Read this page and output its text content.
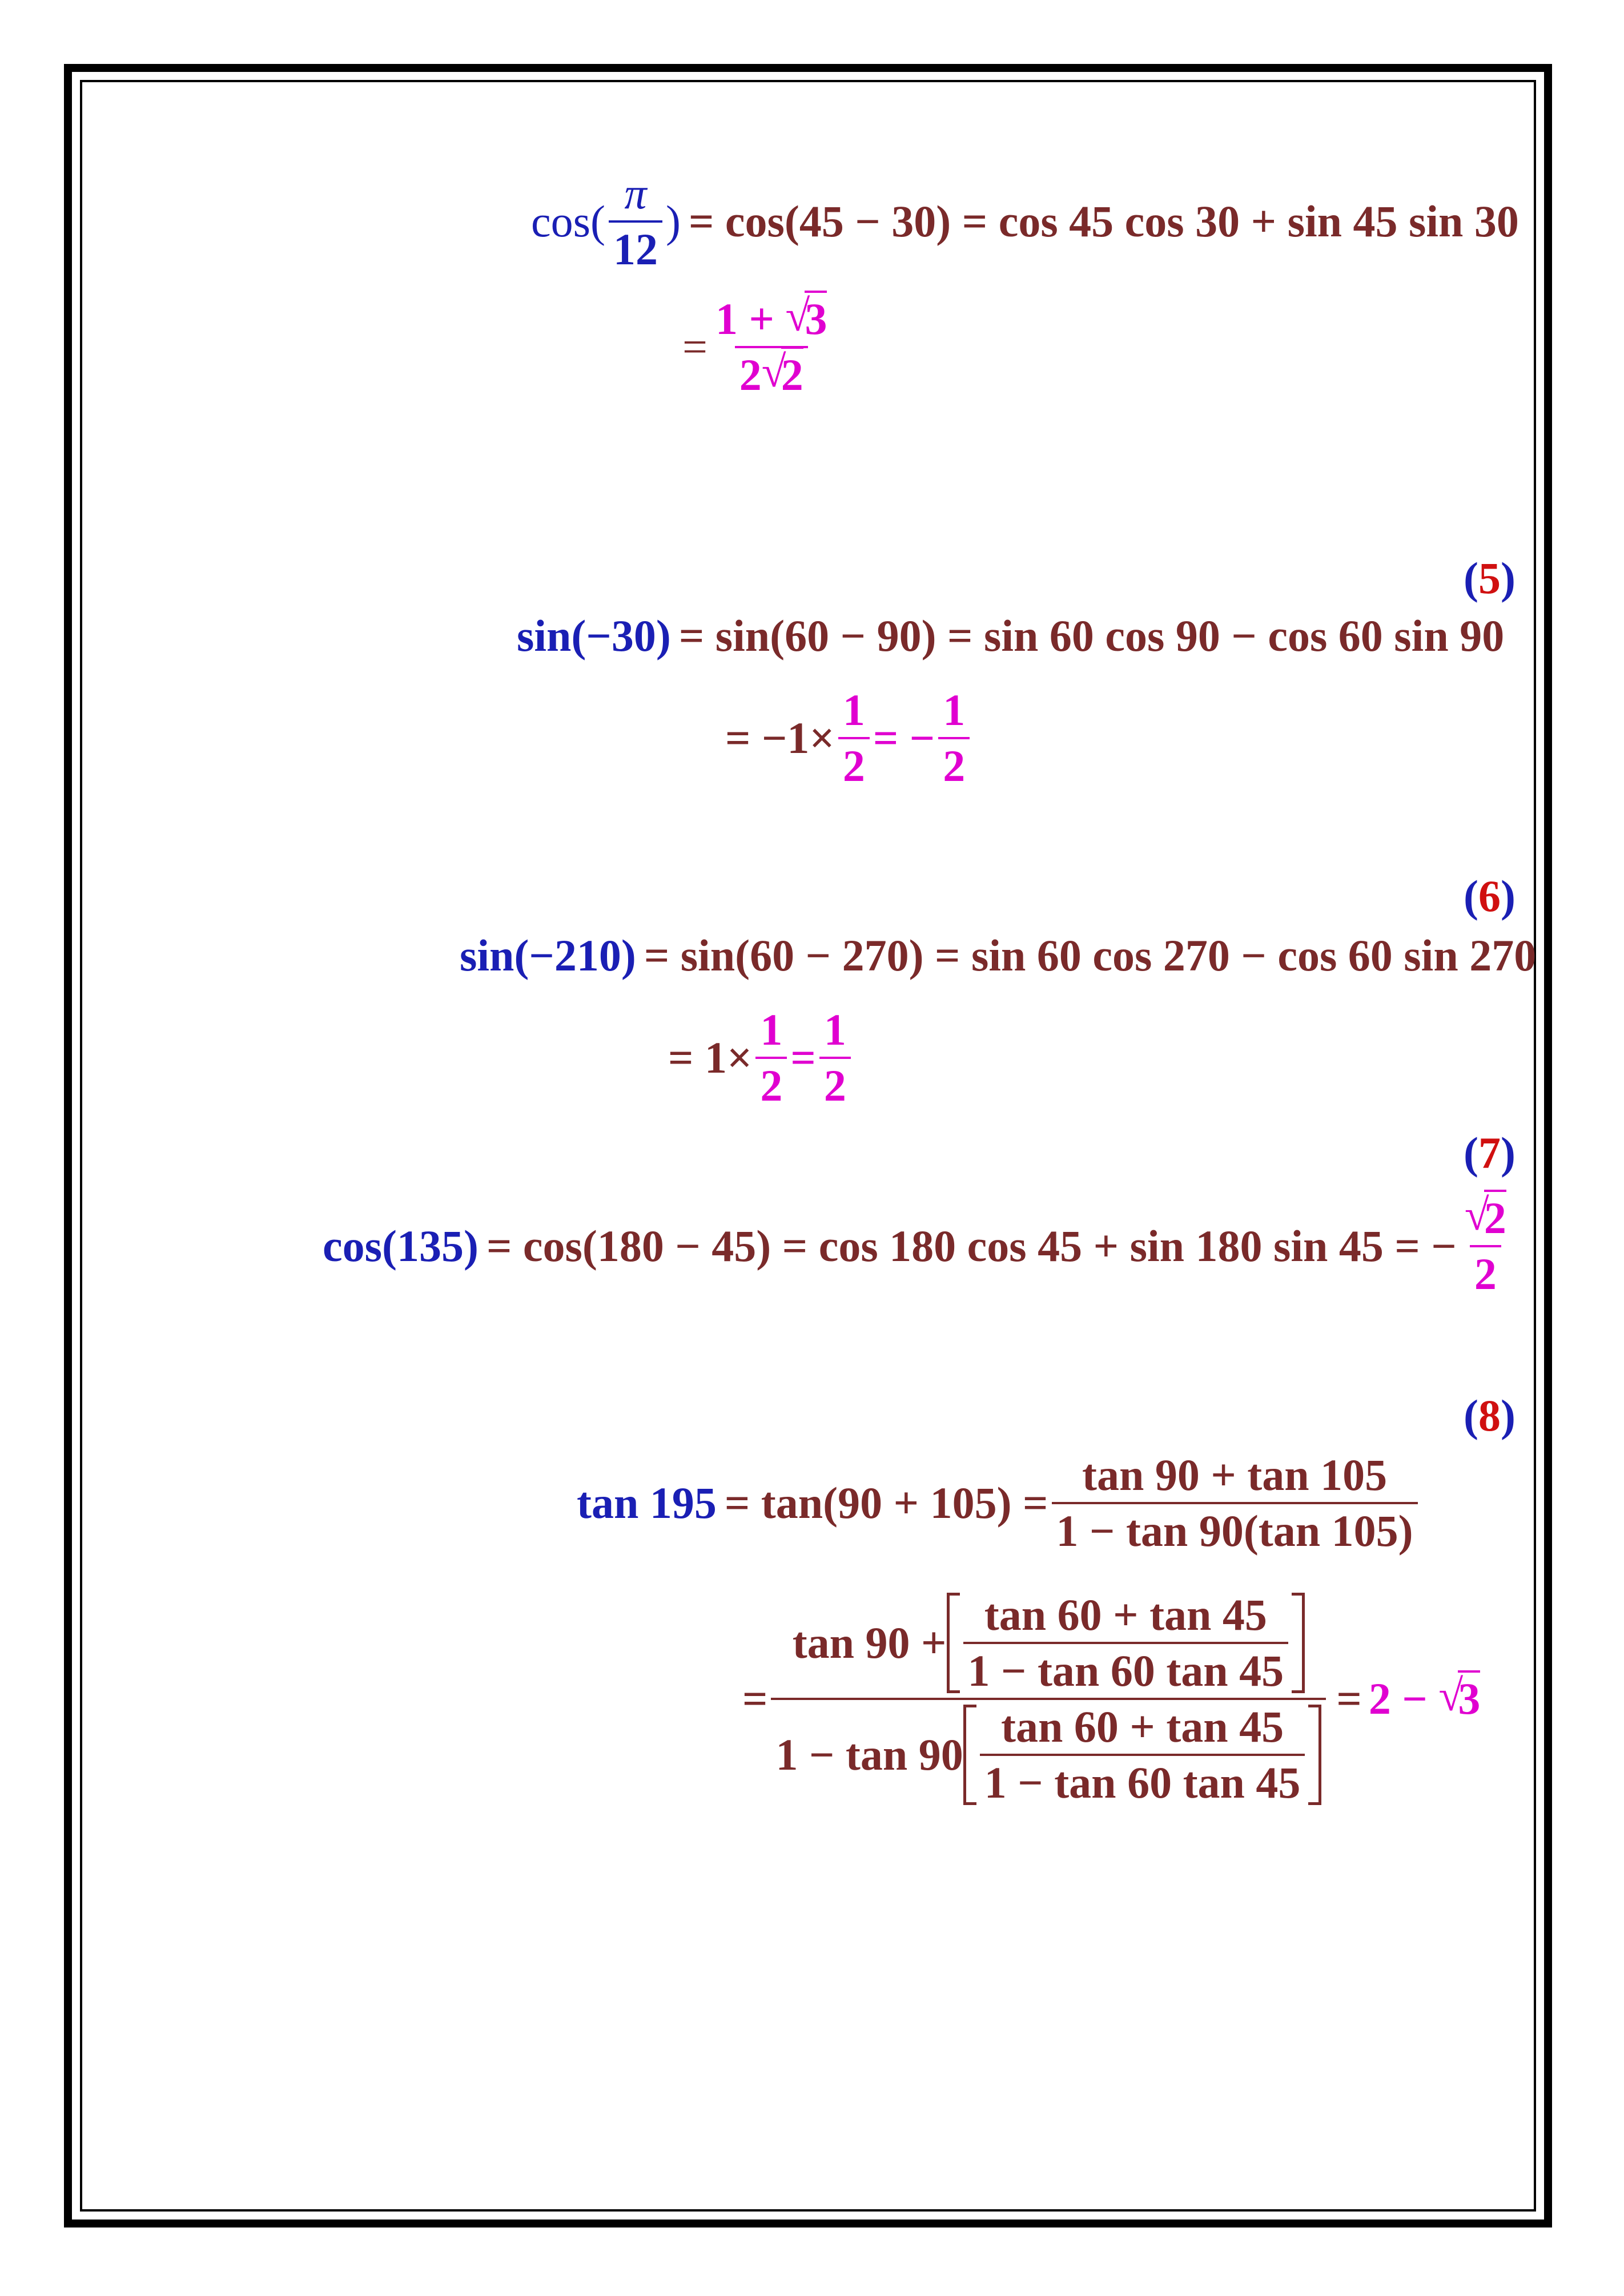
$\cos( \frac{\pi}{12}$ ) = cos(45 − 30) = cos 45 cos 30 + sin 45 sin 30
= $\frac{1 + √ 3}{2 √ 2}$
(5)
sin(−30) = sin(60 − 90) = sin 60 cos 90 − cos 60 sin 90
= $-1\times \frac{1}{2}$ = − $\frac{1}{2}$
(6)
sin(−210) = sin(60 − 270) = sin 60 cos 270 − cos 60 sin 270
= $1\times \frac{1}{2} = \frac{1}{2}$
(7)
cos(135) = cos(180 − 45) = cos 180 cos 45 + sin 180 sin 45 = − √ $\frac{2}{2}$
(8)
$\tan 195 = \tan(90 + 105) = \frac{\tan 90 + \tan 105}{1 - \tan 90(\tan 105)}$
=
$\tan 90 + \frac{\tan 60 + \tan 45}{1 - \tan 60 \tan 45}$
$1 - \tan 90 \frac{\tan 60 + \tan 45}{1 - \tan 60 \tan 45}$
= 2 − √ 3
